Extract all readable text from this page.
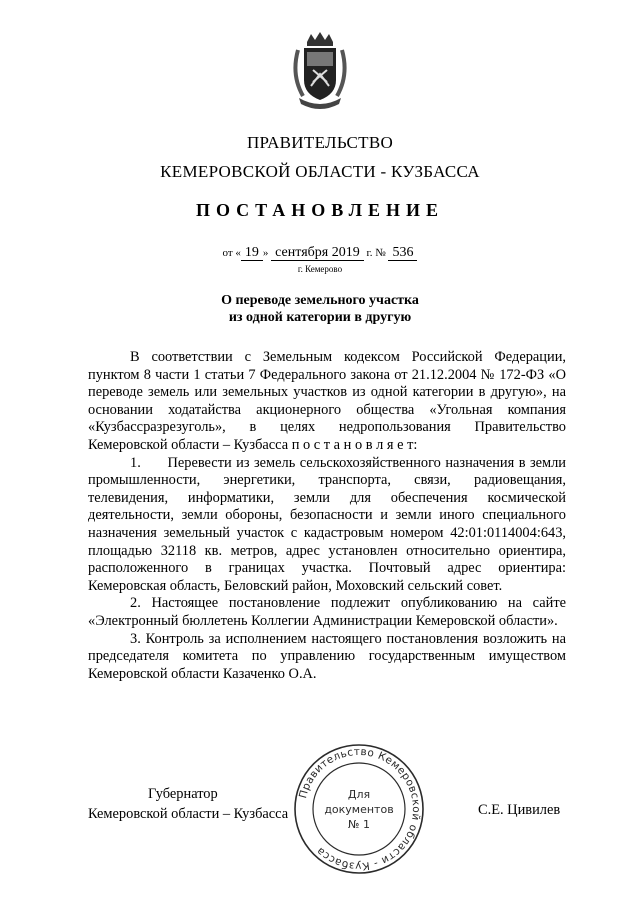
ПРАВИТЕЛЬСТВО
КЕМЕРОВСКОЙ ОБЛАСТИ - КУЗБАССА
ПОСТАНОВЛЕНИЕ
от « 19 » сентября 2019 г. № 536
г. Кемерово
О переводе земельного участка
из одной категории в другую

В соответствии с Земельным кодексом Российской Федерации, пунктом 8 части 1 статьи 7 Федерального закона от 21.12.2004 № 172-ФЗ «О переводе земель или земельных участков из одной категории в другую», на основании ходатайства акционерного общества «Угольная компания «Кузбассразрезуголь», в целях недропользования Правительство Кемеровской области – Кузбасса п о с т а н о в л я е т:

1.      Перевести из земель сельскохозяйственного назначения в земли промышленности, энергетики, транспорта, связи, радиовещания, телевидения, информатики, земли для обеспечения космической деятельности, земли обороны, безопасности и земли иного специального назначения земельный участок с кадастровым номером 42:01:0114004:643, площадью 32118 кв. метров, адрес установлен относительно ориентира, расположенного в границах участка. Почтовый адрес ориентира: Кемеровская область, Беловский район, Моховский сельский совет.

2. Настоящее постановление подлежит опубликованию на сайте «Электронный бюллетень Коллегии Администрации Кемеровской области».

3. Контроль за исполнением настоящего постановления возложить на председателя комитета по управлению государственным имуществом Кемеровской области Казаченко О.А.

Губернатор
Кемеровской области – Кузбасса	С.Е. Цивилев
Правительство Кемеровской области - Кузбасса
Для
документов
№ 1
